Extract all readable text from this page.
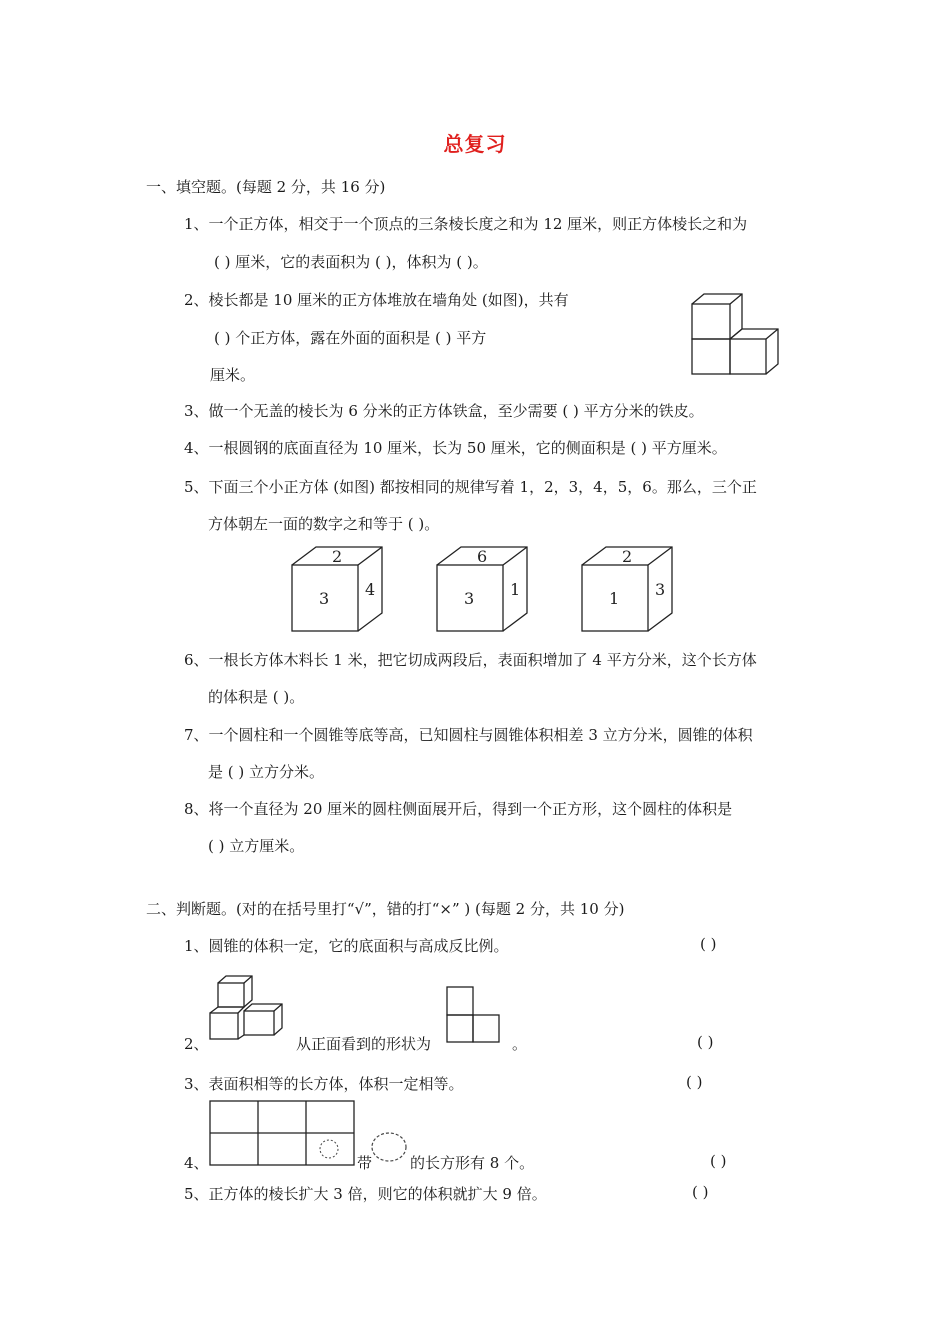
总复习
一、填空题。(每题 2 分，共 16 分)
1、一个正方体，相交于一个顶点的三条棱长度之和为 12 厘米，则正方体棱长之和为
( ) 厘米，它的表面积为 ( )，体积为 ( )。
2、棱长都是 10 厘米的正方体堆放在墙角处 (如图)，共有
( ) 个正方体，露在外面的面积是 ( ) 平方
厘米。
3、做一个无盖的棱长为 6 分米的正方体铁盒，至少需要 ( ) 平方分米的铁皮。
4、一根圆钢的底面直径为 10 厘米，长为 50 厘米，它的侧面积是 ( ) 平方厘米。
5、下面三个小正方体 (如图) 都按相同的规律写着 1，2，3，4，5，6。那么，三个正
方体朝左一面的数字之和等于 ( )。
2
3 4
6
3 1
2
1 3
6、一根长方体木料长 1 米，把它切成两段后，表面积增加了 4 平方分米，这个长方体
的体积是 ( )。
7、一个圆柱和一个圆锥等底等高，已知圆柱与圆锥体积相差 3 立方分米，圆锥的体积
是 ( ) 立方分米。
8、将一个直径为 20 厘米的圆柱侧面展开后，得到一个正方形，这个圆柱的体积是
( ) 立方厘米。
二、判断题。(对的在括号里打“√”，错的打“×” ) (每题 2 分，共 10 分)
1、圆锥的体积一定，它的底面积与高成反比例。	( )
2、	从正面看到的形状为	。	( )
3、表面积相等的长方体，体积一定相等。	( )
4、	带	的长方形有 8 个。	( )
5、正方体的棱长扩大 3 倍，则它的体积就扩大 9 倍。	( )
